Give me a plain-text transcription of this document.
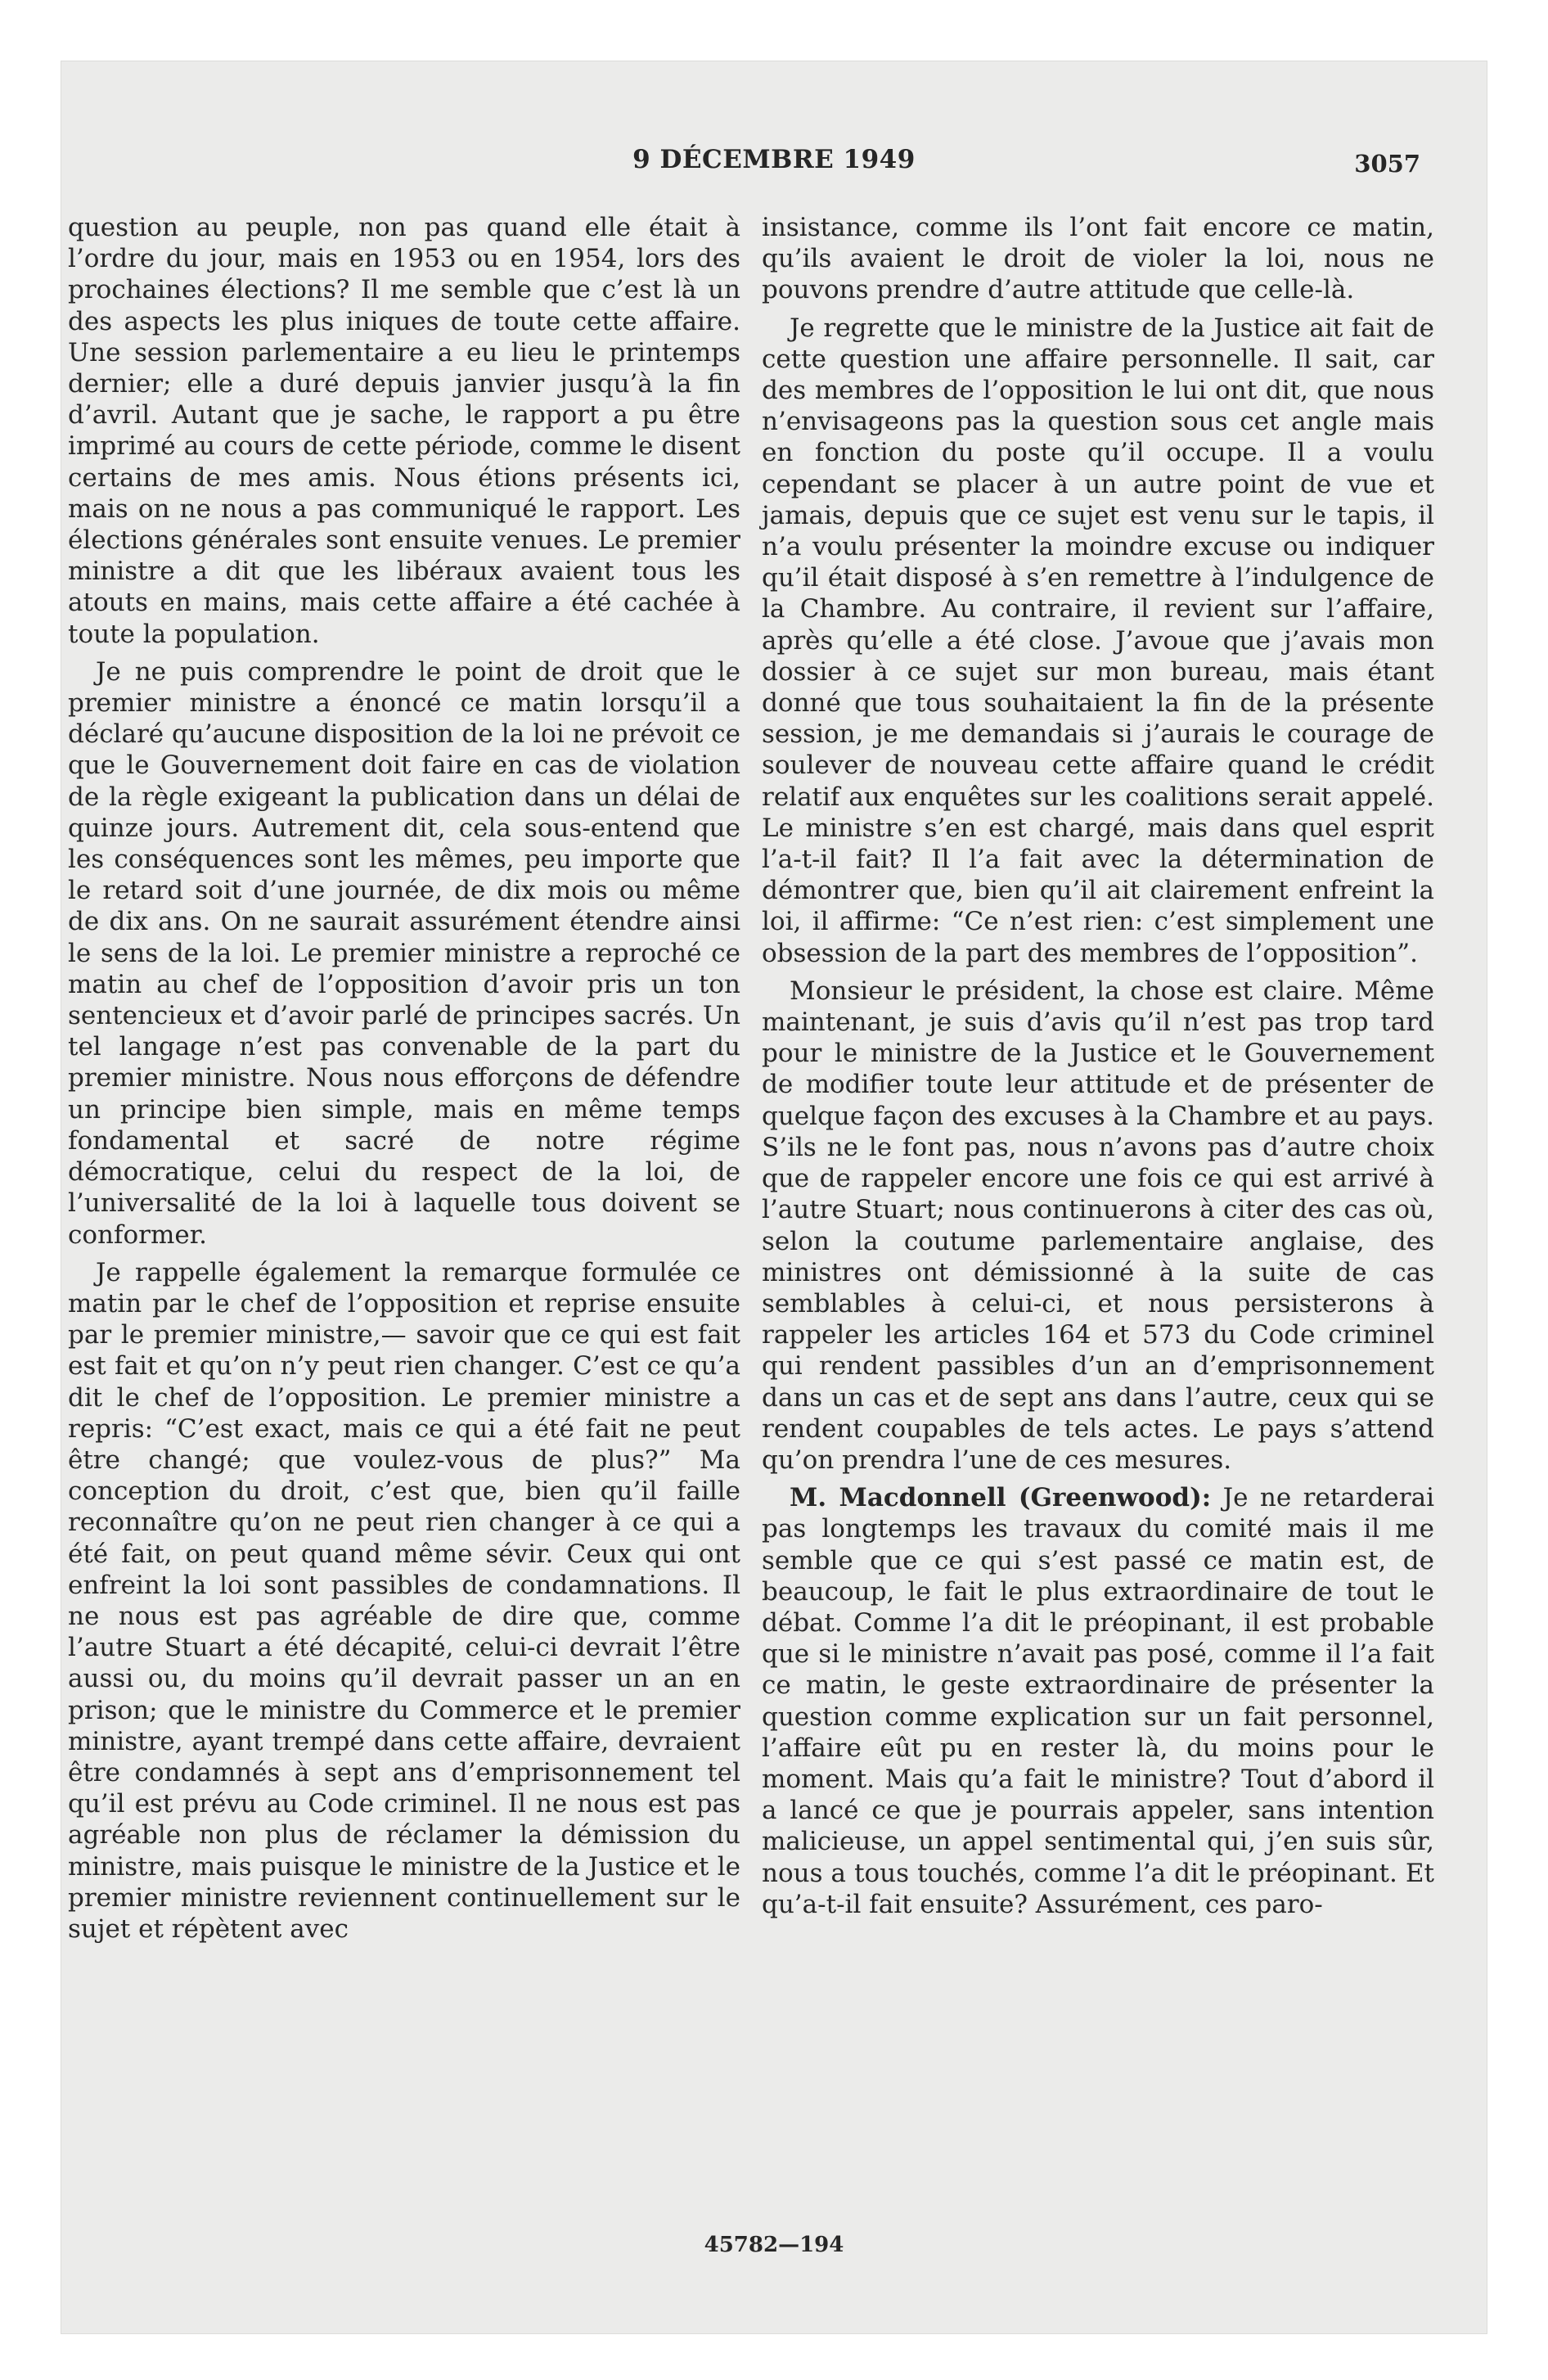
9 DÉCEMBRE 1949	3057

question au peuple, non pas quand elle était à l’ordre du jour, mais en 1953 ou en 1954, lors des prochaines élections? Il me semble que c’est là un des aspects les plus iniques de toute cette affaire. Une session parlementaire a eu lieu le printemps dernier; elle a duré depuis janvier jusqu’à la fin d’avril. Autant que je sache, le rapport a pu être imprimé au cours de cette période, comme le disent certains de mes amis. Nous étions présents ici, mais on ne nous a pas communiqué le rapport. Les élections générales sont ensuite venues. Le premier ministre a dit que les libéraux avaient tous les atouts en mains, mais cette affaire a été cachée à toute la population.

Je ne puis comprendre le point de droit que le premier ministre a énoncé ce matin lorsqu’il a déclaré qu’aucune disposition de la loi ne prévoit ce que le Gouvernement doit faire en cas de violation de la règle exigeant la publication dans un délai de quinze jours. Autrement dit, cela sous-entend que les conséquences sont les mêmes, peu importe que le retard soit d’une journée, de dix mois ou même de dix ans. On ne saurait assurément étendre ainsi le sens de la loi. Le premier ministre a reproché ce matin au chef de l’opposition d’avoir pris un ton sentencieux et d’avoir parlé de principes sacrés. Un tel langage n’est pas convenable de la part du premier ministre. Nous nous efforçons de défendre un principe bien simple, mais en même temps fondamental et sacré de notre régime démocratique, celui du respect de la loi, de l’universalité de la loi à laquelle tous doivent se conformer.

Je rappelle également la remarque formulée ce matin par le chef de l’opposition et reprise ensuite par le premier ministre,— savoir que ce qui est fait est fait et qu’on n’y peut rien changer. C’est ce qu’a dit le chef de l’opposition. Le premier ministre a repris: “C’est exact, mais ce qui a été fait ne peut être changé; que voulez-vous de plus?” Ma conception du droit, c’est que, bien qu’il faille reconnaître qu’on ne peut rien changer à ce qui a été fait, on peut quand même sévir. Ceux qui ont enfreint la loi sont passibles de condamnations. Il ne nous est pas agréable de dire que, comme l’autre Stuart a été décapité, celui-ci devrait l’être aussi ou, du moins qu’il devrait passer un an en prison; que le ministre du Commerce et le premier ministre, ayant trempé dans cette affaire, devraient être condamnés à sept ans d’emprisonnement tel qu’il est prévu au Code criminel. Il ne nous est pas agréable non plus de réclamer la démission du ministre, mais puisque le ministre de la Justice et le premier ministre reviennent continuellement sur le sujet et répètent avec

insistance, comme ils l’ont fait encore ce matin, qu’ils avaient le droit de violer la loi, nous ne pouvons prendre d’autre attitude que celle-là.

Je regrette que le ministre de la Justice ait fait de cette question une affaire personnelle. Il sait, car des membres de l’opposition le lui ont dit, que nous n’envisageons pas la question sous cet angle mais en fonction du poste qu’il occupe. Il a voulu cependant se placer à un autre point de vue et jamais, depuis que ce sujet est venu sur le tapis, il n’a voulu présenter la moindre excuse ou indiquer qu’il était disposé à s’en remettre à l’indulgence de la Chambre. Au contraire, il revient sur l’affaire, après qu’elle a été close. J’avoue que j’avais mon dossier à ce sujet sur mon bureau, mais étant donné que tous souhaitaient la fin de la présente session, je me demandais si j’aurais le courage de soulever de nouveau cette affaire quand le crédit relatif aux enquêtes sur les coalitions serait appelé. Le ministre s’en est chargé, mais dans quel esprit l’a-t-il fait? Il l’a fait avec la détermination de démontrer que, bien qu’il ait clairement enfreint la loi, il affirme: “Ce n’est rien: c’est simplement une obsession de la part des membres de l’opposition”.

Monsieur le président, la chose est claire. Même maintenant, je suis d’avis qu’il n’est pas trop tard pour le ministre de la Justice et le Gouvernement de modifier toute leur attitude et de présenter de quelque façon des excuses à la Chambre et au pays. S’ils ne le font pas, nous n’avons pas d’autre choix que de rappeler encore une fois ce qui est arrivé à l’autre Stuart; nous continuerons à citer des cas où, selon la coutume parlementaire anglaise, des ministres ont démissionné à la suite de cas semblables à celui-ci, et nous persisterons à rappeler les articles 164 et 573 du Code criminel qui rendent passibles d’un an d’emprisonnement dans un cas et de sept ans dans l’autre, ceux qui se rendent coupables de tels actes. Le pays s’attend qu’on prendra l’une de ces mesures.

M. Macdonnell (Greenwood): Je ne retarderai pas longtemps les travaux du comité mais il me semble que ce qui s’est passé ce matin est, de beaucoup, le fait le plus extraordinaire de tout le débat. Comme l’a dit le préopinant, il est probable que si le ministre n’avait pas posé, comme il l’a fait ce matin, le geste extraordinaire de présenter la question comme explication sur un fait personnel, l’affaire eût pu en rester là, du moins pour le moment. Mais qu’a fait le ministre? Tout d’abord il a lancé ce que je pourrais appeler, sans intention malicieuse, un appel sentimental qui, j’en suis sûr, nous a tous touchés, comme l’a dit le préopinant. Et qu’a-t-il fait ensuite? Assurément, ces paro-

45782—194
